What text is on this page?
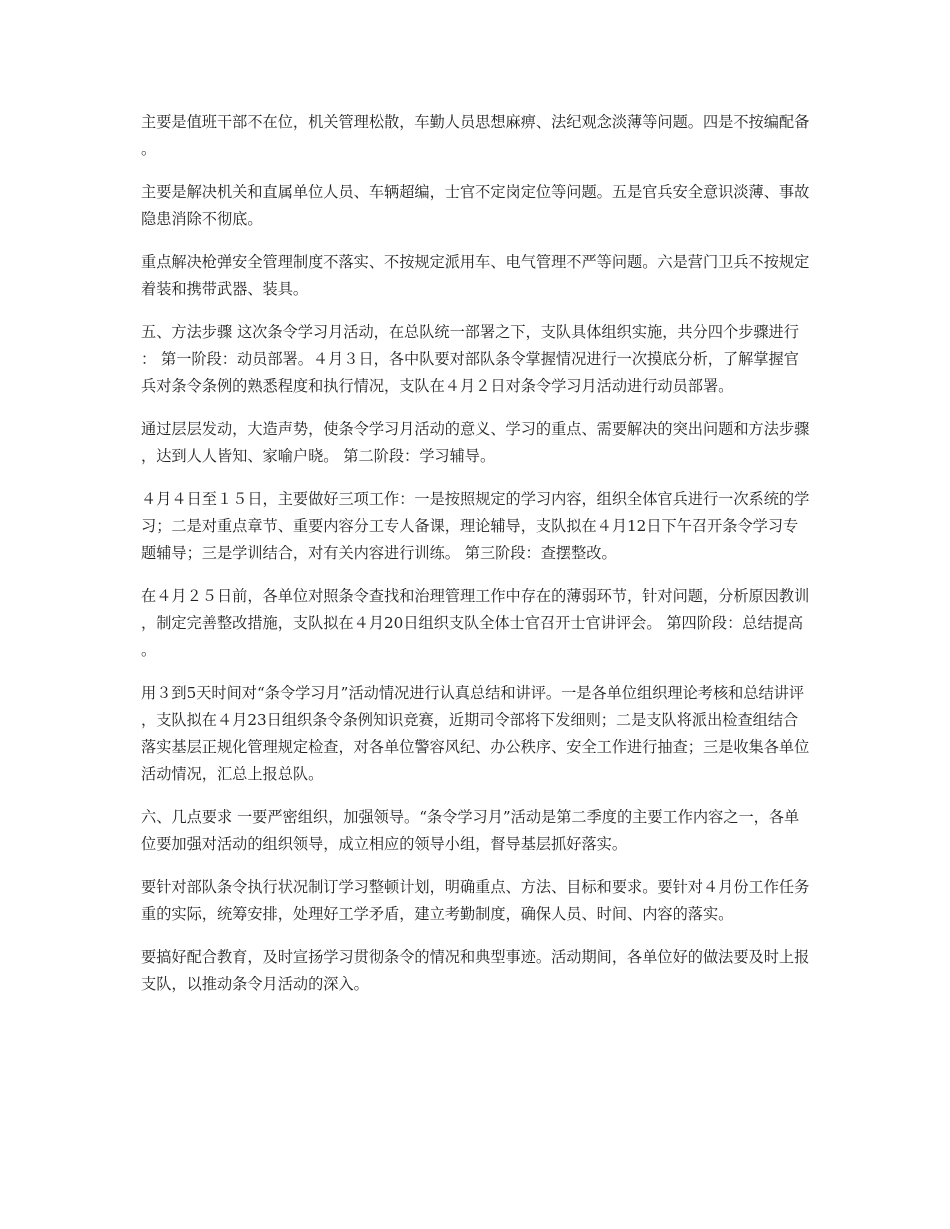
主要是值班干部不在位，机关管理松散，车勤人员思想麻痹、法纪观念淡薄等问题。四是不按编配备。

主要是解决机关和直属单位人员、车辆超编，士官不定岗定位等问题。五是官兵安全意识淡薄、事故隐患消除不彻底。

重点解决枪弹安全管理制度不落实、不按规定派用车、电气管理不严等问题。六是营门卫兵不按规定着装和携带武器、装具。

五、方法步骤 这次条令学习月活动，在总队统一部署之下，支队具体组织实施，共分四个步骤进行： 第一阶段：动员部署。４月３日，各中队要对部队条令掌握情况进行一次摸底分析，了解掌握官兵对条令条例的熟悉程度和执行情况，支队在４月２日对条令学习月活动进行动员部署。

通过层层发动，大造声势，使条令学习月活动的意义、学习的重点、需要解决的突出问题和方法步骤，达到人人皆知、家喻户晓。 第二阶段：学习辅导。

４月４日至１５日，主要做好三项工作：一是按照规定的学习内容，组织全体官兵进行一次系统的学习；二是对重点章节、重要内容分工专人备课，理论辅导，支队拟在４月12日下午召开条令学习专题辅导；三是学训结合，对有关内容进行训练。 第三阶段：查摆整改。

在４月２５日前，各单位对照条令查找和治理管理工作中存在的薄弱环节，针对问题，分析原因教训，制定完善整改措施，支队拟在４月20日组织支队全体士官召开士官讲评会。 第四阶段：总结提高。

用３到5天时间对“条令学习月”活动情况进行认真总结和讲评。一是各单位组织理论考核和总结讲评，支队拟在４月23日组织条令条例知识竞赛，近期司令部将下发细则；二是支队将派出检查组结合落实基层正规化管理规定检查，对各单位警容风纪、办公秩序、安全工作进行抽查；三是收集各单位活动情况，汇总上报总队。

六、几点要求 一要严密组织，加强领导。“条令学习月”活动是第二季度的主要工作内容之一，各单位要加强对活动的组织领导，成立相应的领导小组，督导基层抓好落实。

要针对部队条令执行状况制订学习整顿计划，明确重点、方法、目标和要求。要针对４月份工作任务重的实际，统筹安排，处理好工学矛盾，建立考勤制度，确保人员、时间、内容的落实。

要搞好配合教育，及时宣扬学习贯彻条令的情况和典型事迹。活动期间，各单位好的做法要及时上报支队，以推动条令月活动的深入。
